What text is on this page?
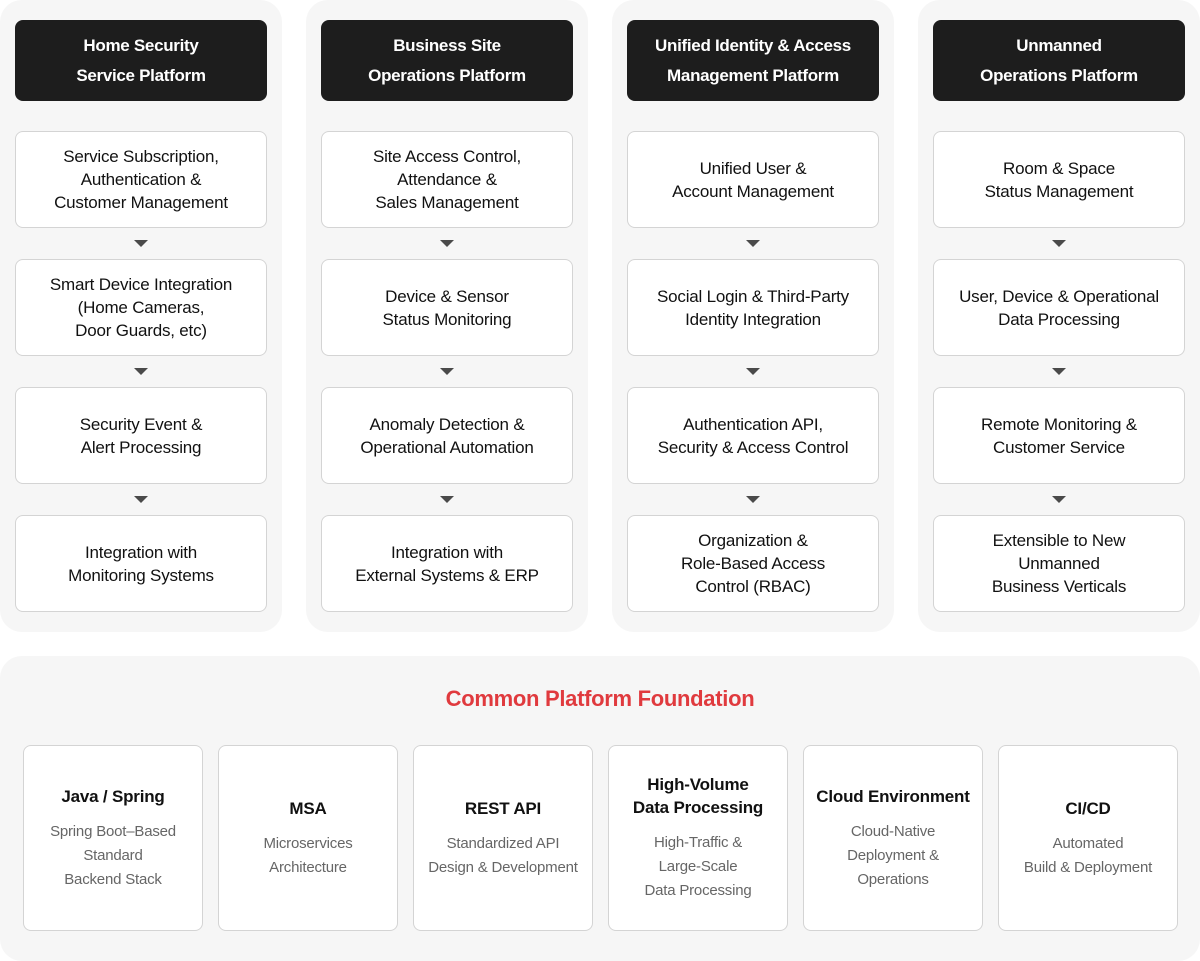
Home Security
Service Platform
Service Subscription,
Authentication &
Customer Management
Smart Device Integration
(Home Cameras,
Door Guards, etc)
Security Event &
Alert Processing
Integration with
Monitoring Systems
Business Site
Operations Platform
Site Access Control,
Attendance &
Sales Management
Device & Sensor
Status Monitoring
Anomaly Detection &
Operational Automation
Integration with
External Systems & ERP
Unified Identity & Access
Management Platform
Unified User &
Account Management
Social Login & Third-Party
Identity Integration
Authentication API,
Security & Access Control
Organization &
Role-Based Access
Control (RBAC)
Unmanned
Operations Platform
Room & Space
Status Management
User, Device & Operational
Data Processing
Remote Monitoring &
Customer Service
Extensible to New
Unmanned
Business Verticals
Common Platform Foundation
Java / Spring
Spring Boot–Based
Standard
Backend Stack
MSA
Microservices
Architecture
REST API
Standardized API
Design & Development
High-Volume
Data Processing
High-Traffic &
Large-Scale
Data Processing
Cloud Environment
Cloud-Native
Deployment &
Operations
CI/CD
Automated
Build & Deployment
